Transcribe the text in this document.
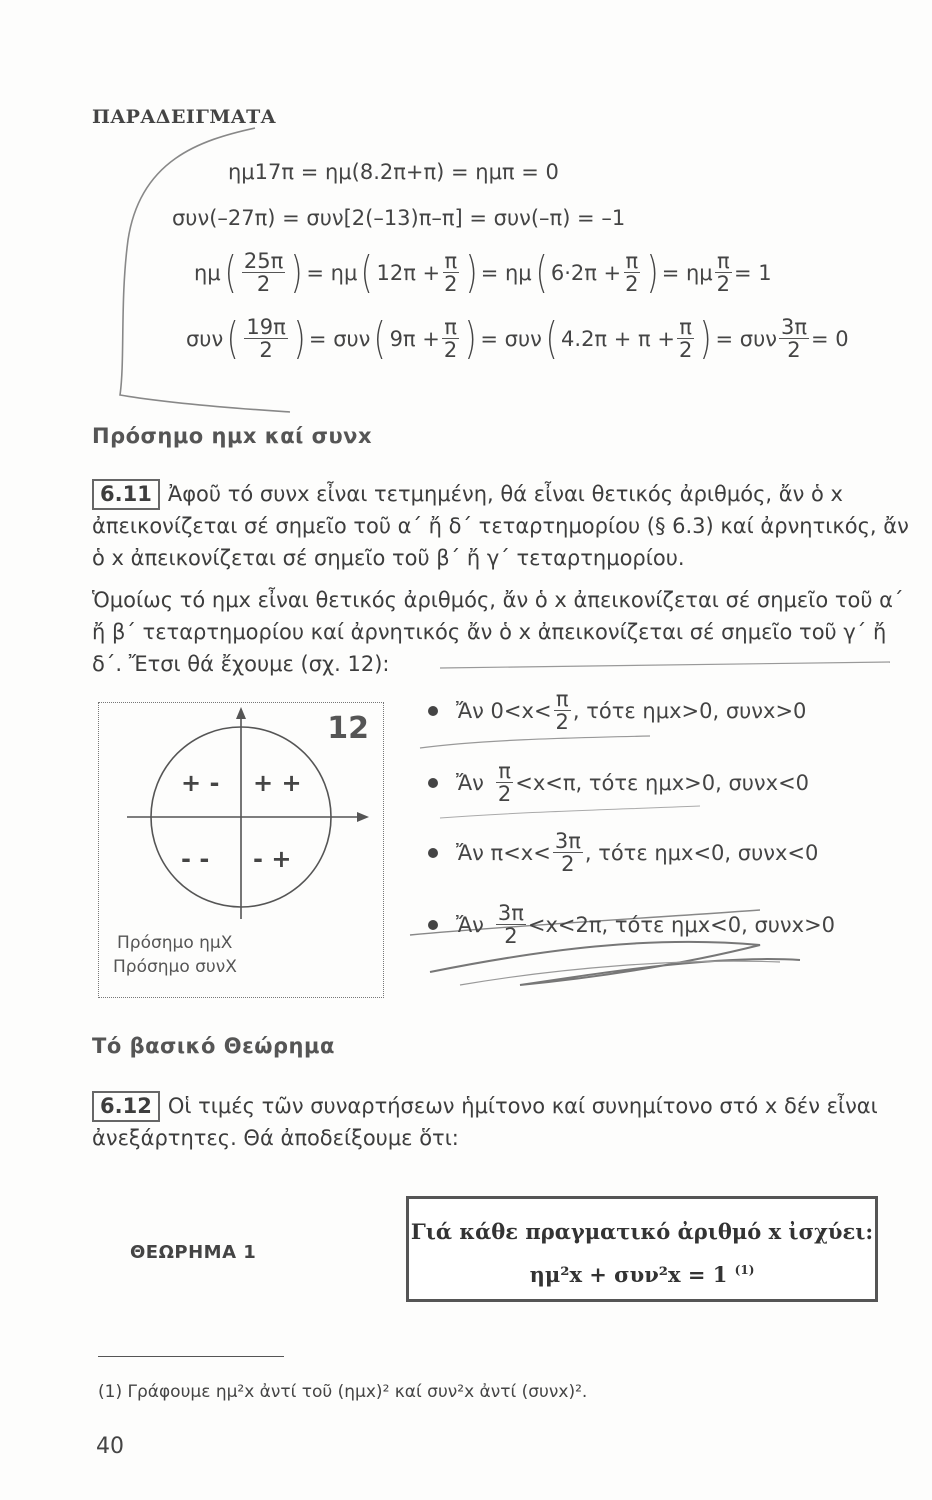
ΠΑΡΑΔΕΙΓΜΑΤΑ
ημ17π = ημ(8.2π+π) = ημπ = 0
συν(–27π) = συν[2(–13)π–π] = συν(–π) = –1
ημ ( $\frac{25\pi}{2}$ ) = ημ ( $12\pi + \frac{\pi}{2}$ ) = ημ ( $6\cdot 2\pi + \frac{\pi}{2}$ ) = ημ $\frac{\pi}{2} = 1$
συν ( $\frac{19\pi}{2}$ ) = συν ( $9\pi + \frac{\pi}{2}$ ) = συν ( $4.2\pi + \pi + \frac{\pi}{2}$ ) = συν $\frac{3\pi}{2} = 0$
Πρόσημο ημx καί συνx
6.11 Ἀφοῦ τό συνx εἶναι τετμημένη, θά εἶναι θετικός ἀριθμός, ἄν ὁ x ἀπεικονίζεται σέ σημεῖο τοῦ α΄ ἤ δ΄ τεταρτημορίου (§ 6.3) καί ἀρνητικός, ἄν ὁ x ἀπεικονίζεται σέ σημεῖο τοῦ β΄ ἤ γ΄ τεταρτημορίου.
Ὁμοίως τό ημx εἶναι θετικός ἀριθμός, ἄν ὁ x ἀπεικονίζεται σέ σημεῖο τοῦ α΄ ἤ β΄ τεταρτημορίου καί ἀρνητικός ἄν ὁ x ἀπεικονίζεται σέ σημεῖο τοῦ γ΄ ἤ δ΄. Ἔτσι θά ἔχουμε (σχ. 12):
12
+ - + +
- - - +
Πρόσημο ημX
Πρόσημο συνX
Ἄν $0<x< \frac{\pi}{2}$ , τότε ημx>0, συνx>0
Ἄν $\frac{\pi}{2} <x<\pi$, τότε ημx>0, συνx<0
Ἄν $\pi<x< \frac{3\pi}{2}$ , τότε ημx<0, συνx<0
Ἄν $\frac{3\pi}{2} <x<2\pi$, τότε ημx<0, συνx>0
Τό βασικό Θεώρημα
6.12 Οἱ τιμές τῶν συναρτήσεων ἡμίτονο καί συνημίτονο στό x δέν εἶναι ἀνεξάρτητες. Θά ἀποδείξουμε ὅτι:
ΘΕΩΡΗΜΑ 1
Γιά κάθε πραγματικό ἀριθμό x ἰσχύει:
ημ²x + συν²x = 1 $^{(1)}$
(1) Γράφουμε ημ²x ἀντί τοῦ (ημx)² καί συν²x ἀντί (συνx)².
40
